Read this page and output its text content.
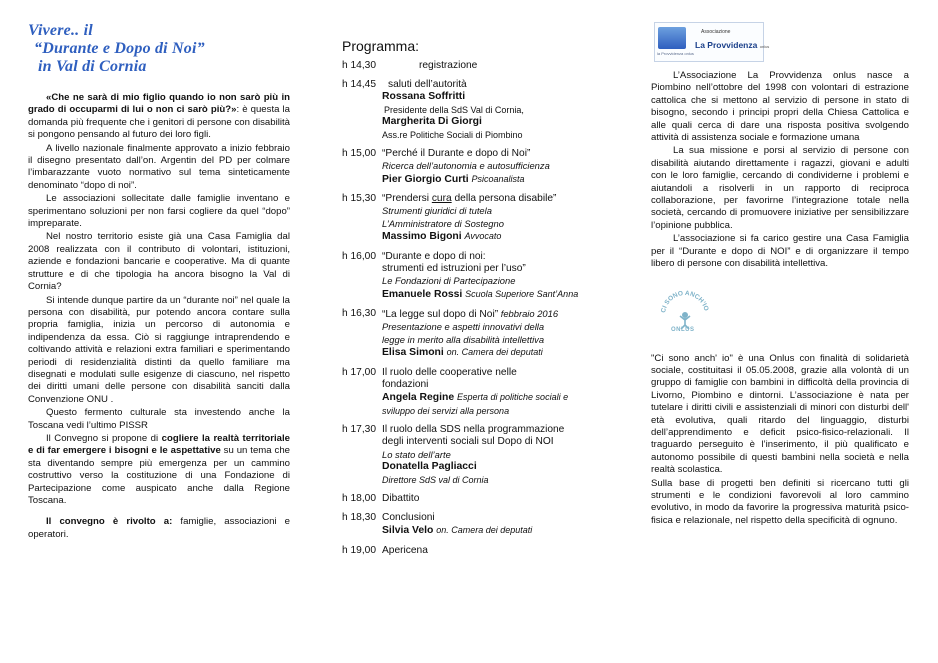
Vivere.. il
“Durante e Dopo di Noi”
in Val di Cornia

«Che ne sarà di mio figlio quando io non sarò più in grado di occuparmi di lui o non ci sarò più?»: è questa la domanda più frequente che i genitori di persone con disabilità si pongono pensando al futuro dei loro figli.

A livello nazionale finalmente approvato a inizio febbraio il disegno presentato dall’on. Argentin del PD per colmare l’imbarazzante vuoto normativo sul tema sinteticamente denominato “dopo di noi”.

Le associazioni sollecitate dalle famiglie inventano e sperimentano soluzioni per non farsi cogliere da quel “dopo” impreparate.

Nel nostro territorio esiste già una Casa Famiglia dal 2008 realizzata con il contributo di volontari, istituzioni, aziende e fondazioni bancarie e cooperative. Ma di quante strutture e di che tipologia ha ancora bisogno la Val di Cornia?

Si intende dunque partire da un “durante noi” nel quale la persona con disabilità, pur potendo ancora contare sulla propria famiglia, inizia un percorso di autonomia e indipendenza da essa. Ciò si raggiunge intraprendendo e coltivando attività e relazioni extra familiari e sperimentando periodi di residenzialità distinti da quello familiare ma disegnati e modulati sulle esigenze di ciascuno, nel rispetto dei diritti umani delle persone con disabilità sanciti dalla Convenzione ONU .

Questo fermento culturale sta investendo anche la Toscana vedi l’ultimo PISSR

Il Convegno si propone di cogliere la realtà territoriale e di far emergere i bisogni e le aspettative su un tema che sta diventando sempre più emergenza per un cammino costruttivo verso la costituzione di una Fondazione di Partecipazione come auspicato anche dalla Regione Toscana.

Il convegno è rivolto a: famiglie, associazioni e operatori.

Programma:
h 14,30	registrazione
h 14,45	saluti dell’autorità
Rossana Soffritti
Presidente della SdS Val di Cornia,
Margherita Di Giorgi
Ass.re Politiche Sociali di Piombino
h 15,00 “Perché il Durante e dopo di Noi”
Ricerca dell’autonomia e autosufficienza
Pier Giorgio Curti Psicoanalista
h 15,30 “Prendersi cura della persona disabile”
Strumenti giuridici di tutela
L’Amministratore di Sostegno
Massimo Bigoni Avvocato
h 16,00 “Durante e dopo di noi:
strumenti ed istruzioni per l’uso”
Le Fondazioni di Partecipazione
Emanuele Rossi Scuola Superiore Sant’Anna
h 16,30 “La legge sul dopo di Noi” febbraio 2016
Presentazione e aspetti innovativi della
legge in merito alla disabilità intellettiva
Elisa Simoni on. Camera dei deputati
h 17,00 Il ruolo delle cooperative nelle
fondazioni
Angela Regine Esperta di politiche sociali e
sviluppo dei servizi alla persona
h 17,30 Il ruolo della SDS nella programmazione
degli interventi sociali sul Dopo di NOI
Lo stato dell’arte
Donatella Pagliacci
Direttore SdS val di Cornia
h 18,00 Dibattito
h 18,30 Conclusioni
Silvia Velo on. Camera dei deputati
h 19,00 Apericena
la Provvidenza onlus
Associazione
La Provvidenza onlus

L’Associazione La Provvidenza onlus nasce a Piombino nell’ottobre del 1998 con volontari di estrazione cattolica che si mettono al servizio di persone in stato di bisogno, secondo i principi propri della Chiesa Cattolica e alle quali cerca di dare una risposta positiva svolgendo attività di assistenza sociale e formazione umana

La sua missione e porsi al servizio di persone con disabilità aiutando direttamente i ragazzi, giovani e adulti con le loro famiglie, cercando di condividerne i problemi e aiutandoli a risolverli in un rapporto di reciproca collaborazione, per favorirne l’integrazione totale nella società, cercando di promuovere iniziative per sensibilizzare l’opinione pubblica.

L’associazione si fa carico gestire una Casa Famiglia per il “Durante e dopo di NOI” e di organizzare il tempo libero di persone con disabilità intellettiva.

CI SONO ANCH’IO
ONLUS

"Ci sono anch' io" è una Onlus con finalità di solidarietà sociale, costituitasi il 05.05.2008, grazie alla volontà di un gruppo di famiglie con bambini in difficoltà della provincia di Livorno, Piombino e dintorni. L’associazione è nata per tutelare i diritti civili e assistenziali di minori con disturbi dell' età evolutiva, quali ritardo del linguaggio, disturbi dell’apprendimento e deficit psico-fisico-relazionali. Il traguardo perseguito è l’inserimento, il più qualificato e autonomo possibile di questi bambini nella società e nella realtà scolastica.

Sulla base di progetti ben definiti si ricercano tutti gli strumenti e le condizioni favorevoli al loro cammino evolutivo, in modo da favorire la progressiva maturità psico-fisica e relazionale, nel rispetto della specificità di ognuno.
